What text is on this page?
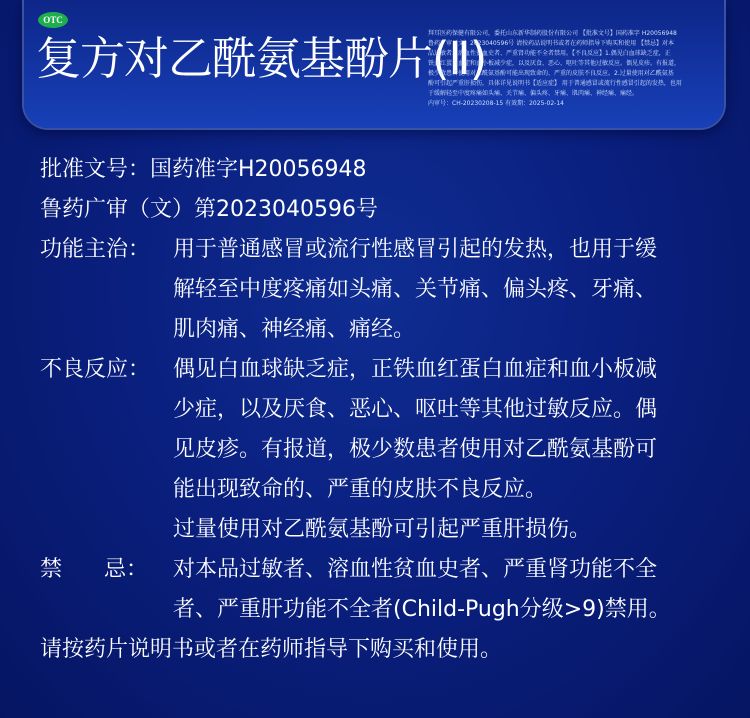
OTC
复方对乙酰氨基酚片(Ⅱ)
拜耳医药保健有限公司，委托山东新华制药股份有限公司 【批准文号】国药准字 H20056948
鲁药广审（文）2023040596号 请按药品说明书或者在药师指导下购买和使用 【禁忌】对本
品过敏者、溶血性贫血史者、严重肾功能不全者禁用。【不良反应】1.偶见白血球缺乏症，正
铁血红蛋白血症和血小板减少症，以及厌食、恶心、呕吐等其他过敏反应。偶见皮疹。有报道，
极少数患者使用对乙酰氨基酚可能出现致命的、严重的皮肤不良反应。2.过量使用对乙酰氨基
酚可引起严重肝损伤，具体详见说明书【适应症】 用于普通感冒或流行性感冒引起的发热，也用
于缓解轻至中度疼痛如头痛、关节痛、偏头疼、牙痛、肌肉痛、神经痛、痛经。
内审号：CH-20230208-15 有效期：2025-02-14
批准文号：国药准字H20056948
鲁药广审（文）第2023040596号
功能主治：	用于普通感冒或流行性感冒引起的发热，也用于缓
解轻至中度疼痛如头痛、关节痛、偏头疼、牙痛、
肌肉痛、神经痛、痛经。
不良反应：	偶见白血球缺乏症，正铁血红蛋白血症和血小板减
少症，以及厌食、恶心、呕吐等其他过敏反应。偶
见皮疹。有报道，极少数患者使用对乙酰氨基酚可
能出现致命的、严重的皮肤不良反应。
过量使用对乙酰氨基酚可引起严重肝损伤。
禁      忌：	对本品过敏者、溶血性贫血史者、严重肾功能不全
者、严重肝功能不全者(Child-Pugh分级>9)禁用。
请按药片说明书或者在药师指导下购买和使用。
